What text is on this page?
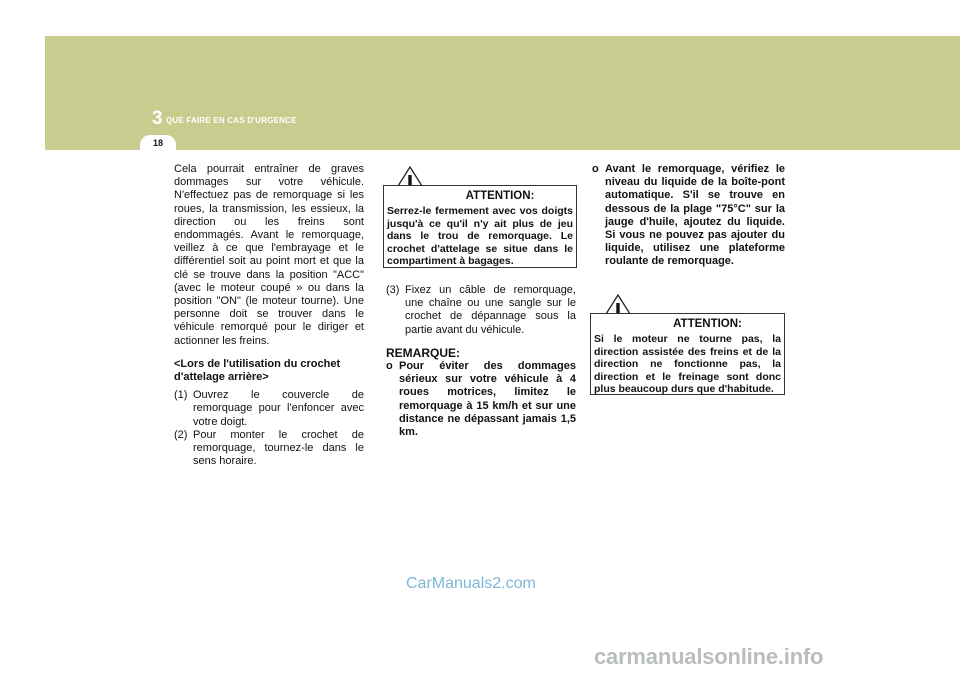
18
3 QUE FAIRE EN CAS D'URGENCE

Cela pourrait entraîner de graves dommages sur votre véhicule. N'effectuez pas de remorquage si les roues, la transmission, les essieux, la direction ou les freins sont endommagés. Avant le remorquage, veillez à ce que l'embrayage et le différentiel soit au point mort et que la clé se trouve dans la position "ACC" (avec le moteur coupé » ou dans la position "ON" (le moteur tourne). Une personne doit se trouver dans le véhicule remorqué pour le diriger et actionner les freins.

<Lors de l'utilisation du crochet d'attelage arrière>

(1) Ouvrez le couvercle de remorquage pour l'enfoncer avec votre doigt.
(2) Pour monter le crochet de remorquage, tournez-le dans le sens horaire.
ATTENTION:
Serrez-le fermement avec vos doigts jusqu'à ce qu'il n'y ait plus de jeu dans le trou de remorquage. Le crochet d'attelage se situe dans le compartiment à bagages.
(3) Fixez un câble de remorquage, une chaîne ou une sangle sur le crochet de dépannage sous la partie avant du véhicule.

REMARQUE:

o Pour éviter des dommages sérieux sur votre véhicule à 4 roues motrices, limitez le remorquage à 15 km/h et sur une distance ne dépassant jamais 1,5 km.
o Avant le remorquage, vérifiez le niveau du liquide de la boîte-pont automatique. S'il se trouve en dessous de la plage "75°C" sur la jauge d'huile, ajoutez du liquide. Si vous ne pouvez pas ajouter du liquide, utilisez une plateforme roulante de remorquage.
ATTENTION:
Si le moteur ne tourne pas, la direction assistée des freins et de la direction ne fonctionne pas, la direction et le freinage sont donc plus beaucoup durs que d'habitude.
CarManuals2.com
carmanualsonline.info
